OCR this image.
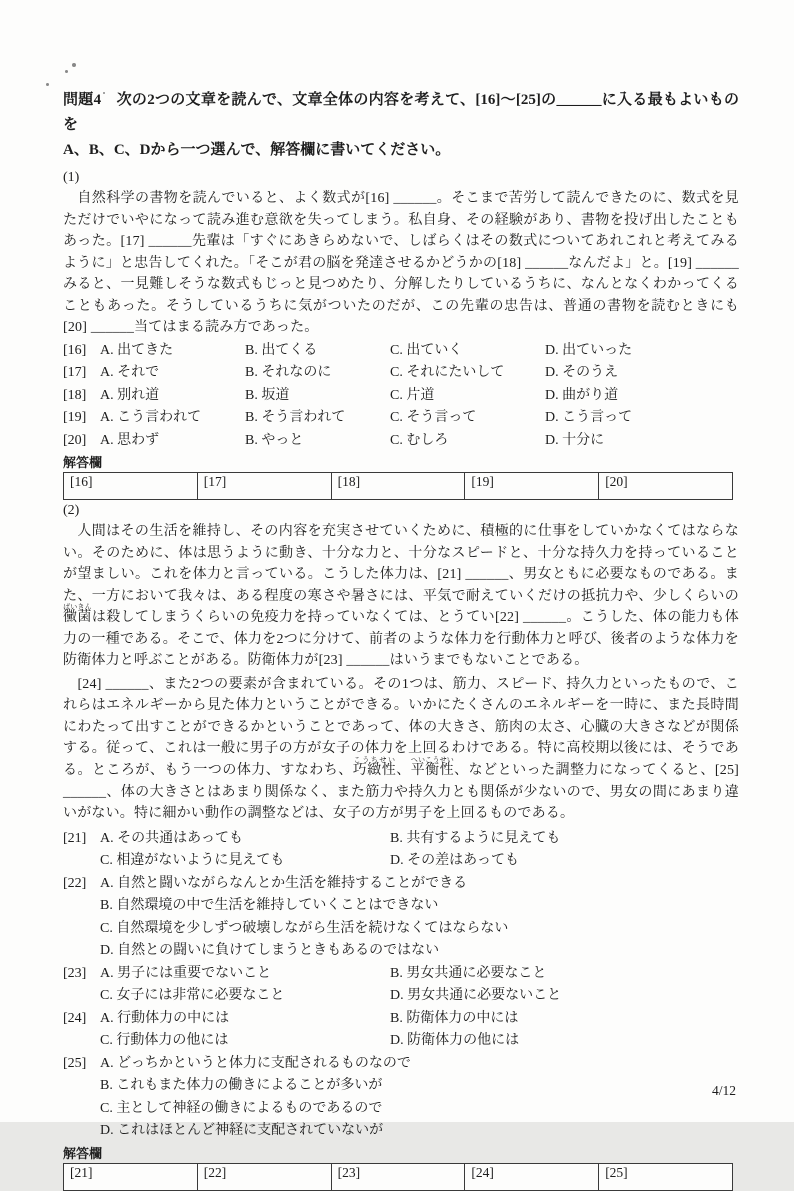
問題4　次の2つの文章を読んで、文章全体の内容を考えて、[16]～[25]の______に入る最もよいものを
A、B、C、Dから一つ選んで、解答欄に書いてください。

(1)

　自然科学の書物を読んでいると、よく数式が[16] ______。そこまで苦労して読んできたのに、数式を見ただけでいやになって読み進む意欲を失ってしまう。私自身、その経験があり、書物を投げ出したこともあった。[17] ______先輩は「すぐにあきらめないで、しばらくはその数式についてあれこれと考えてみるように」と忠告してくれた。「そこが君の脳を発達させるかどうかの[18] ______なんだよ」と。[19] ______みると、一見難しそうな数式もじっと見つめたり、分解したりしているうちに、なんとなくわかってくることもあった。そうしているうちに気がついたのだが、この先輩の忠告は、普通の書物を読むときにも[20] ______当てはまる読み方であった。

[16] A. 出てきた	B. 出てくる	C. 出ていく	D. 出ていった
[17] A. それで	B. それなのに	C. それにたいして	D. そのうえ
[18] A. 別れ道	B. 坂道	C. 片道	D. 曲がり道
[19] A. こう言われて	B. そう言われて	C. そう言って	D. こう言って
[20] A. 思わず	B. やっと	C. むしろ	D. 十分に

解答欄

[16]	[17]	[18]	[19]	[20]

(2)

　人間はその生活を維持し、その内容を充実させていくために、積極的に仕事をしていかなくてはならない。そのために、体は思うように動き、十分な力と、十分なスピードと、十分な持久力を持っていることが望ましい。これを体力と言っている。こうした体力は、[21] ______、男女ともに必要なものである。また、一方において我々は、ある程度の寒さや暑さには、平気で耐えていくだけの抵抗力や、少しくらいの黴菌ばいきんは殺してしまうくらいの免疫力を持っていなくては、とうてい[22] ______。こうした、体の能力も体力の一種である。そこで、体力を2つに分けて、前者のような体力を行動体力と呼び、後者のような体力を防衛体力と呼ぶことがある。防衛体力が[23] ______はいうまでもないことである。

　[24] ______、また2つの要素が含まれている。その1つは、筋力、スピード、持久力といったもので、これらはエネルギーから見た体力ということができる。いかにたくさんのエネルギーを一時に、また長時間にわたって出すことができるかということであって、体の大きさ、筋肉の太さ、心臓の大きさなどが関係する。従って、これは一般に男子の方が女子の体力を上回るわけである。特に高校期以後には、そうである。ところが、もう一つの体力、すなわち、巧緻性こうちせい、平衡性へいこうせい、などといった調整力になってくると、[25] ______、体の大きさとはあまり関係なく、また筋力や持久力とも関係が少ないので、男女の間にあまり違いがない。特に細かい動作の調整などは、女子の方が男子を上回るものである。

[21] A. その共通はあっても	B. 共有するように見えても
C. 相違がないように見えても	D. その差はあっても
[22] A. 自然と闘いながらなんとか生活を維持することができる
B. 自然環境の中で生活を維持していくことはできない
C. 自然環境を少しずつ破壊しながら生活を続けなくてはならない
D. 自然との闘いに負けてしまうときもあるのではない
[23] A. 男子には重要でないこと	B. 男女共通に必要なこと
C. 女子には非常に必要なこと	D. 男女共通に必要ないこと
[24] A. 行動体力の中には	B. 防衛体力の中には
C. 行動体力の他には	D. 防衛体力の他には
[25] A. どっちかというと体力に支配されるものなので
B. これもまた体力の働きによることが多いが
C. 主として神経の働きによるものであるので
D. これはほとんど神経に支配されていないが

解答欄

[21]	[22]	[23]	[24]	[25]
4/12
